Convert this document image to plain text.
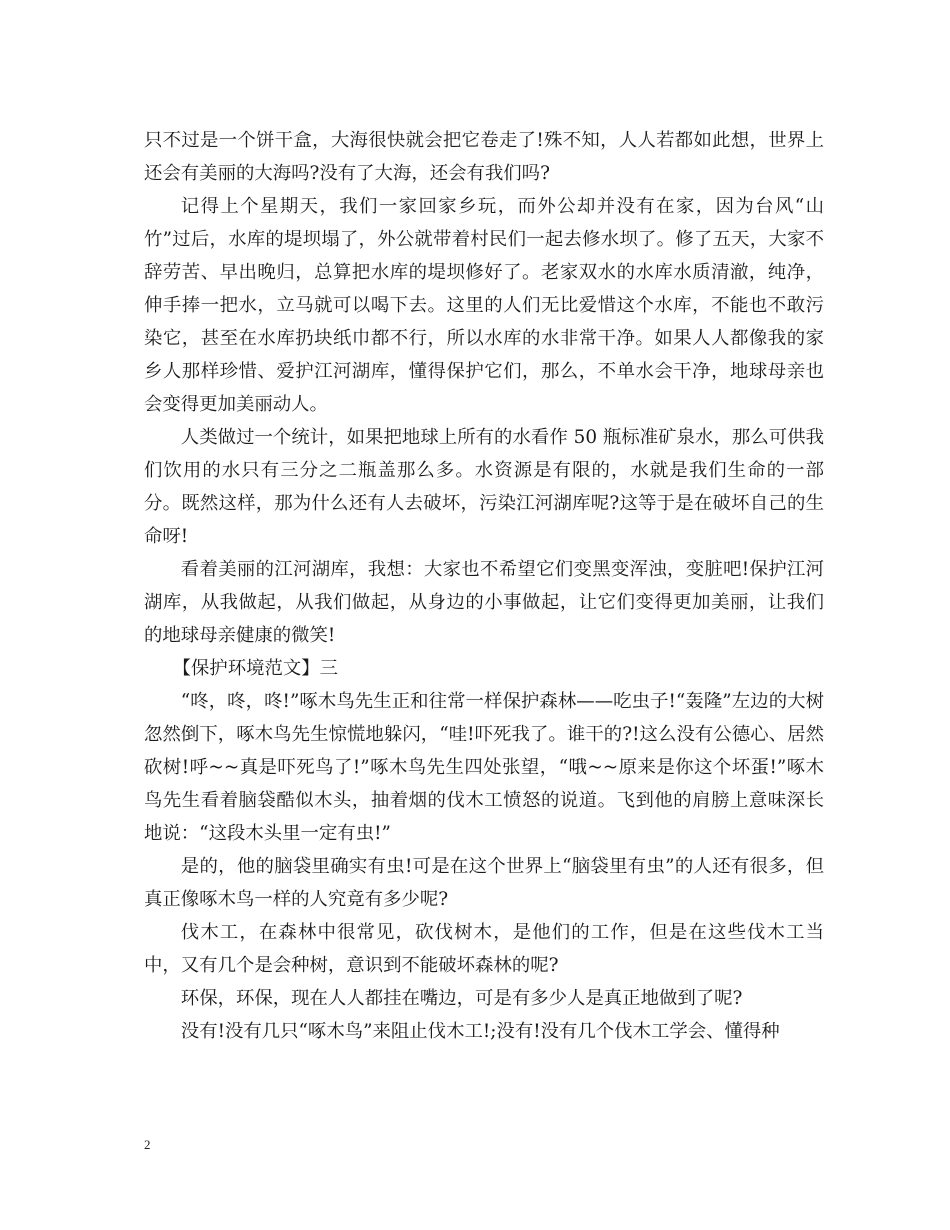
只不过是一个饼干盒，大海很快就会把它卷走了!殊不知，人人若都如此想，世界上还会有美丽的大海吗?没有了大海，还会有我们吗?

记得上个星期天，我们一家回家乡玩，而外公却并没有在家，因为台风“山竹”过后，水库的堤坝塌了，外公就带着村民们一起去修水坝了。修了五天，大家不辞劳苦、早出晚归，总算把水库的堤坝修好了。老家双水的水库水质清澈，纯净，伸手捧一把水，立马就可以喝下去。这里的人们无比爱惜这个水库，不能也不敢污染它，甚至在水库扔块纸巾都不行，所以水库的水非常干净。如果人人都像我的家乡人那样珍惜、爱护江河湖库，懂得保护它们，那么，不单水会干净，地球母亲也会变得更加美丽动人。

人类做过一个统计，如果把地球上所有的水看作 50 瓶标准矿泉水，那么可供我们饮用的水只有三分之二瓶盖那么多。水资源是有限的，水就是我们生命的一部分。既然这样，那为什么还有人去破坏，污染江河湖库呢?这等于是在破坏自己的生命呀!

看着美丽的江河湖库，我想：大家也不希望它们变黑变浑浊，变脏吧!保护江河湖库，从我做起，从我们做起，从身边的小事做起，让它们变得更加美丽，让我们的地球母亲健康的微笑!

【保护环境范文】三

“咚，咚，咚!”啄木鸟先生正和往常一样保护森林——吃虫子!“轰隆”左边的大树忽然倒下，啄木鸟先生惊慌地躲闪，“哇!吓死我了。谁干的?!这么没有公德心、居然砍树!呼~~真是吓死鸟了!”啄木鸟先生四处张望，“哦~~原来是你这个坏蛋!”啄木鸟先生看着脑袋酷似木头，抽着烟的伐木工愤怒的说道。飞到他的肩膀上意味深长地说：“这段木头里一定有虫!”

是的，他的脑袋里确实有虫!可是在这个世界上“脑袋里有虫”的人还有很多，但真正像啄木鸟一样的人究竟有多少呢?

伐木工，在森林中很常见，砍伐树木，是他们的工作，但是在这些伐木工当中，又有几个是会种树，意识到不能破坏森林的呢?

环保，环保，现在人人都挂在嘴边，可是有多少人是真正地做到了呢?

没有!没有几只“啄木鸟”来阻止伐木工!;没有!没有几个伐木工学会、懂得种

2
